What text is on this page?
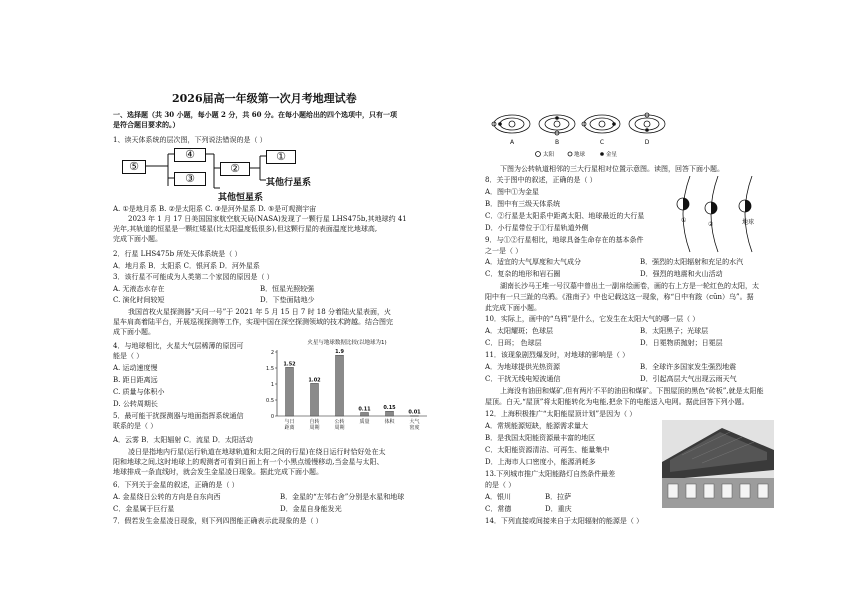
2026届高一年级第一次月考地理试卷
一、选择题（共 30 小题，每小题 2 分，共 60 分。在每小题给出的四个选项中，只有一项
是符合题目要求的。）
1、读天体系统的层次图，下列说法错误的是（ ）
⑤
④
③
②
①
其他行星系
其他恒星系
A. ①是地月系 B. ②是太阳系 C. ③是河外星系 D. ⑤是可观测宇宙
2023 年 1 月 17 日美国国家航空航天局(NASA)发现了一颗行星 LHS475b,其地球约 41
光年,其轨道的恒星是一颗红矮星(比太阳温度低很多),但这颗行星的表面温度比地球高,
完成下面小题。
2．行星 LHS475b 所处天体系统是（ ）
A．地月系 B．太阳系 C．银河系 D．河外星系
3．该行星不可能成为人类第二个家园的原因是（ ）
A. 无液态水存在	B．恒星光照较强
C. 演化时间较短	D．下垫面陆地少
我国首枚火星探测器“天问一号”于 2021 年 5 月 15 日 7 时 18 分着陆火星表面，火
星车肩高着陆平台，开展巡视探测等工作，实现中国在深空探测领域的技术跨越。结合图完
成下面小题。
4．与地球相比，火星大气层稀薄的原因可
能是（ ）
A. 运动速度慢
B. 距日距离远
C. 质量与体积小
D. 公转周期长
5．最可能干扰探测器与地面指挥系统通信
联系的是（ ）
A．云雾 B．太阳辐射 C．流星 D．太阳活动
凌日是指地内行星(运行轨道在地球轨道和太阳之间的行星)在绕日运行时恰好处在太
阳和地球之间,这时地球上的观测者可看到日面上有一个小黑点缓慢移动,当金星与太阳、
地球排成一条直线时，就会发生金星凌日现象。据此完成下面小题。
6．下列关于金星的叙述，正确的是（ ）
A. 金星绕日公转的方向是自东向西	B．金星的“左邻右舍”分别是水星和地球
C．金星属于巨行星	D．金星自身能发光
7．假若发生金星凌日现象，则下列四图能正确表示此现象的是（ ）
火星与地球数据比较(以地球为1)
0
0.5
1
1.5
2
1.52
与日
距离
1.02
自转
周期
1.9
公转
周期
0.11
质量
0.15
体积
0.01
大气
密度
A	B	C	D
太阳	地球	金星
下图为公转轨道相邻的三大行星相对位置示意图。读图，回答下面小题。
8．关于图中的叙述，正确的是（ ）
A．图中①为金星
B．图中有三级天体系统
C．②行星是太阳系中距离太阳、地球最近的大行星
D．小行星带位于①行星轨道外侧
9．与①②行星相比，地球具备生命存在的基本条件
之一是（ ）
A．适宜的大气厚度和大气成分	B．强烈的太阳辐射和充足的水汽
C．复杂的地形和岩石圈	D．强烈的地震和火山活动
①
②	地球
湖南长沙马王堆一号汉墓中曾出土一副帛绘画卷，画的右上方是一轮红色的太阳，太
阳中有一只三趾的乌鸦。《淮南子》中也记载这这一现象，称“日中有踆（cūn）乌”。据
此完成下面小题。
10．实际上，画中的“乌鸦”是什么，它发生在太阳大气的哪一层（ ）
A．太阳耀斑；色球层	B．太阳黑子；光球层
C．日珥； 色球层	D．日冕物质抛射；日冕层
11．该现象剧烈爆发时，对地球的影响是（ ）
A．为地球提供光热资源	B．全球许多国家发生强烈地震
C．干扰无线电短波通信	D．引起高层大气出现云雨天气
上海没有油田和煤矿,但有两片不平的油田和煤矿。下图屋顶的黑色“砖板”,就是太阳能
屋顶。白天,“屋顶”将太阳能转化为电能,把余下的电能送入电网。据此回答下列小题。
12．上海积极推广“太阳能屋顶计划”是因为（ ）
A．常规能源短缺，能源需求量大
B．是我国太阳能资源最丰富的地区
C．太阳能资源清洁、可再生、能量集中
D．上海市人口密度小，能源消耗多
13.下列城市推广太阳能路灯自然条件最差
的是（ ）
A．银川	B．拉萨
C．常德	D．重庆
14．下列直接或间接来自于太阳辐射的能源是（ ）
